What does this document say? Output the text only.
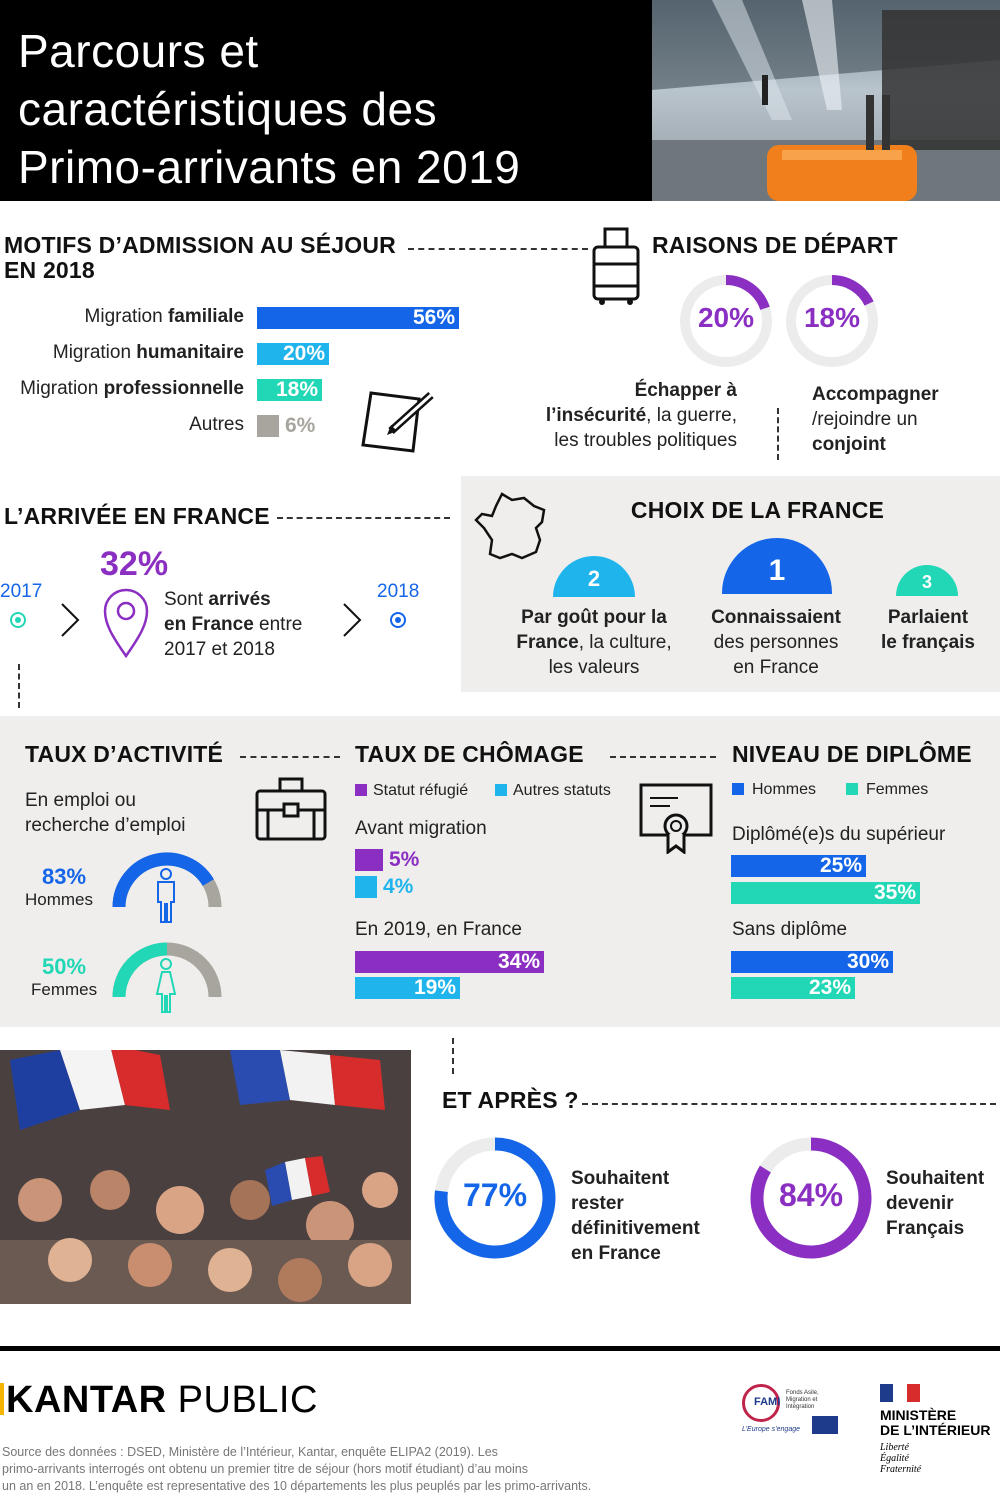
Parcours et
caractéristiques des
Primo-arrivants en 2019
MOTIFS D’ADMISSION AU SÉJOUR
EN 2018
Migration familiale	56%
Migration humanitaire	20%
Migration professionnelle	18%
Autres 6%
RAISONS DE DÉPART
20%	18%
Échapper à
l’insécurité, la guerre,
les troubles politiques
Accompagner
/rejoindre un
conjoint
L’ARRIVÉE EN FRANCE
32%
2017	Sont arrivés
en France entre
2017 et 2018
2018
CHOIX DE LA FRANCE
2	1	3
Par goût pour la
France, la culture,
les valeurs
Connaissaient
des personnes
en France
Parlaient
le français
TAUX D’ACTIVITÉ
En emploi ou
recherche d’emploi
83%
Hommes
50%
Femmes
TAUX DE CHÔMAGE
Statut réfugié	Autres statuts
Avant migration
En 2019, en France
5%
4%
34%
19%
NIVEAU DE DIPLÔME
Hommes	Femmes
Diplômé(e)s du supérieur
Sans diplôme
25%
35%
30%
23%
ET APRÈS ?
77%	Souhaitent
rester
définitivement
en France
84%	Souhaitent
devenir
Français
KANTAR PUBLIC
Source des données : DSED, Ministère de l’Intérieur, Kantar, enquête ELIPA2 (2019). Les
primo-arrivants interrogés ont obtenu un premier titre de séjour (hors motif étudiant) d’au moins
un an en 2018. L’enquête est representative des 10 départements les plus peuplés par les primo-arrivants.
FAMI
Fonds Asile, Migration et Intégration
L’Europe s’engage
MINISTÈRE
DE L’INTÉRIEUR
Liberté
Égalité
Fraternité
